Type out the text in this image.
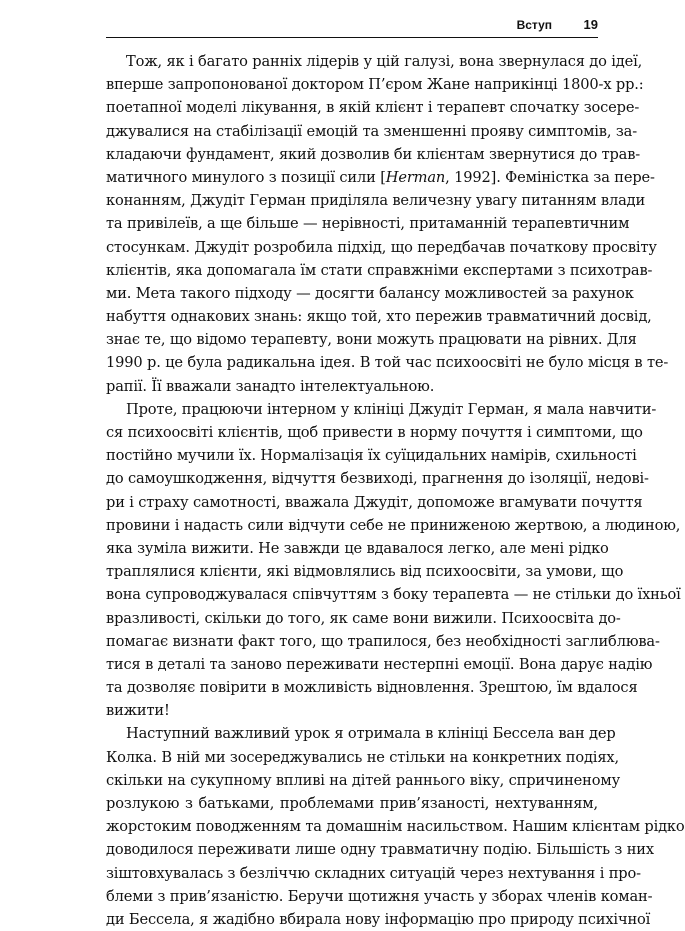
Вступ 19
Тож, як і багато ранніх лідерів у цій галузі, вона звернулася до ідеї,
вперше запропонованої доктором П’єром Жане наприкінці 1800-х рр.:
поетапної моделі лікування, в якій клієнт і терапевт спочатку зосере-
джувалися на стабілізації емоцій та зменшенні прояву симптомів, за-
кладаючи фундамент, який дозволив би клієнтам звернутися до трав-
матичного минулого з позиції сили [Herman, 1992]. Феміністка за пере-
конанням, Джудіт Герман приділяла величезну увагу питанням влади
та привілеїв, а ще більше — нерівності, притаманній терапевтичним
стосункам. Джудіт розробила підхід, що передбачав початкову просвіту
клієнтів, яка допомагала їм стати справжніми експертами з психотрав-
ми. Мета такого підходу — досягти балансу можливостей за рахунок
набуття однакових знань: якщо той, хто пережив травматичний досвід,
знає те, що відомо терапевту, вони можуть працювати на рівних. Для
1990 р. це була радикальна ідея. В той час психоосвіті не було місця в те-
рапії. Її вважали занадто інтелектуальною.
Проте, працюючи інтерном у клініці Джудіт Герман, я мала навчити-
ся психоосвіті клієнтів, щоб привести в норму почуття і симптоми, що
постійно мучили їх. Нормалізація їх суїцидальних намірів, схильності
до самоушкодження, відчуття безвиході, прагнення до ізоляції, недові-
ри і страху самотності, вважала Джудіт, допоможе вгамувати почуття
провини і надасть сили відчути себе не приниженою жертвою, а людиною,
яка зуміла вижити. Не завжди це вдавалося легко, але мені рідко
траплялися клієнти, які відмовлялись від психоосвіти, за умови, що
вона супроводжувалася співчуттям з боку терапевта — не стільки до їхньої
вразливості, скільки до того, як саме вони вижили. Психоосвіта до-
помагає визнати факт того, що трапилося, без необхідності заглиблюва-
тися в деталі та заново переживати нестерпні емоції. Вона дарує надію
та дозволяє повірити в можливість відновлення. Зрештою, їм вдалося
вижити!
Наступний важливий урок я отримала в клініці Бессела ван дер
Колка. В ній ми зосереджувались не стільки на конкретних подіях,
скільки на сукупному впливі на дітей раннього віку, спричиненому
розлукою з батьками, проблемами прив’язаності, нехтуванням,
жорстоким поводженням та домашнім насильством. Нашим клієнтам рідко
доводилося переживати лише одну травматичну подію. Більшість з них
зіштовхувалась з безліччю складних ситуацій через нехтування і про-
блеми з прив’язаністю. Беручи щотижня участь у зборах членів коман-
ди Бессела, я жадібно вбирала нову інформацію про природу психічної
